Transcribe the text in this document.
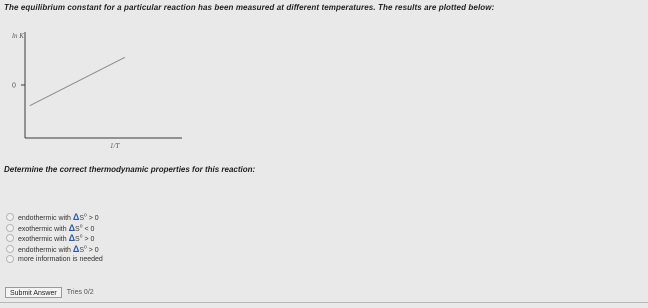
The equilibrium constant for a particular reaction has been measured at different temperatures. The results are plotted below:
ln K
1/T
0
Determine the correct thermodynamic properties for this reaction:
endothermic with $\Delta S^o > 0$
exothermic with $\Delta S^o < 0$
exothermic with $\Delta S^o > 0$
endothermic with $\Delta S^o > 0$
more information is needed
Submit Answer	Tries 0/2
